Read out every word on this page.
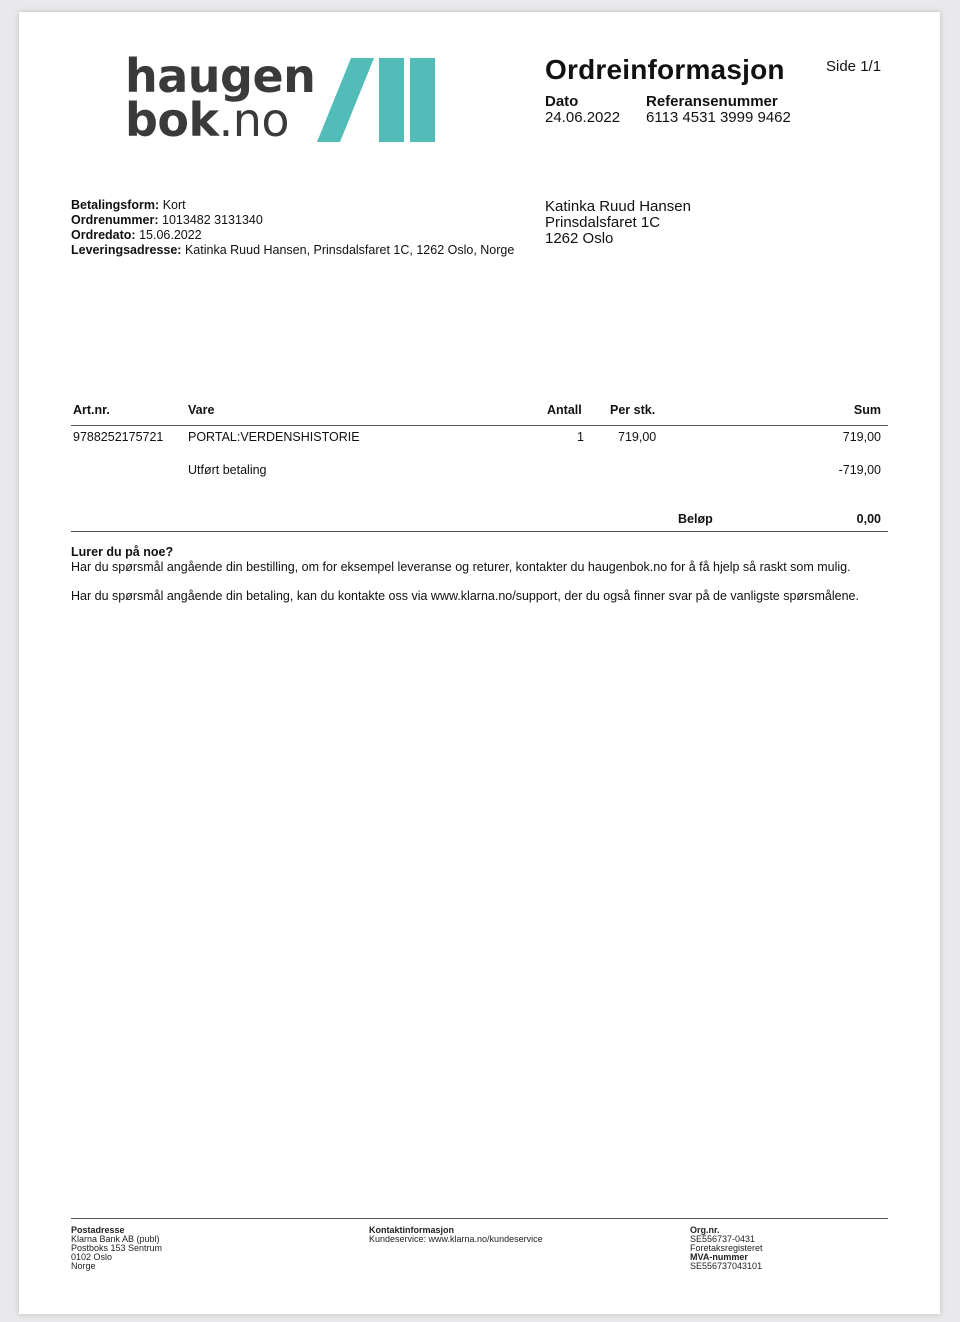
haugen
bok.no
Ordreinformasjon	Side 1/1
Dato
24.06.2022
Referansenummer
6113 4531 3999 9462
Betalingsform: Kort
Ordrenummer: 1013482 3131340
Ordredato: 15.06.2022
Leveringsadresse: Katinka Ruud Hansen, Prinsdalsfaret 1C, 1262 Oslo, Norge
Katinka Ruud Hansen
Prinsdalsfaret 1C
1262 Oslo
Art.nr.	Vare	Antall Per stk.	Sum
9788252175721 PORTAL:VERDENSHISTORIE	1	719,00	719,00
Utført betaling	-719,00
Beløp	0,00
Lurer du på noe?
Har du spørsmål angående din bestilling, om for eksempel leveranse og returer, kontakter du haugenbok.no for å få hjelp så raskt som mulig.
Har du spørsmål angående din betaling, kan du kontakte oss via www.klarna.no/support, der du også finner svar på de vanligste spørsmålene.
Postadresse
Klarna Bank AB (publ)
Postboks 153 Sentrum
0102 Oslo
Norge
Kontaktinformasjon
Kundeservice: www.klarna.no/kundeservice
Org.nr.
SE556737-0431
Foretaksregisteret
MVA-nummer
SE556737043101
